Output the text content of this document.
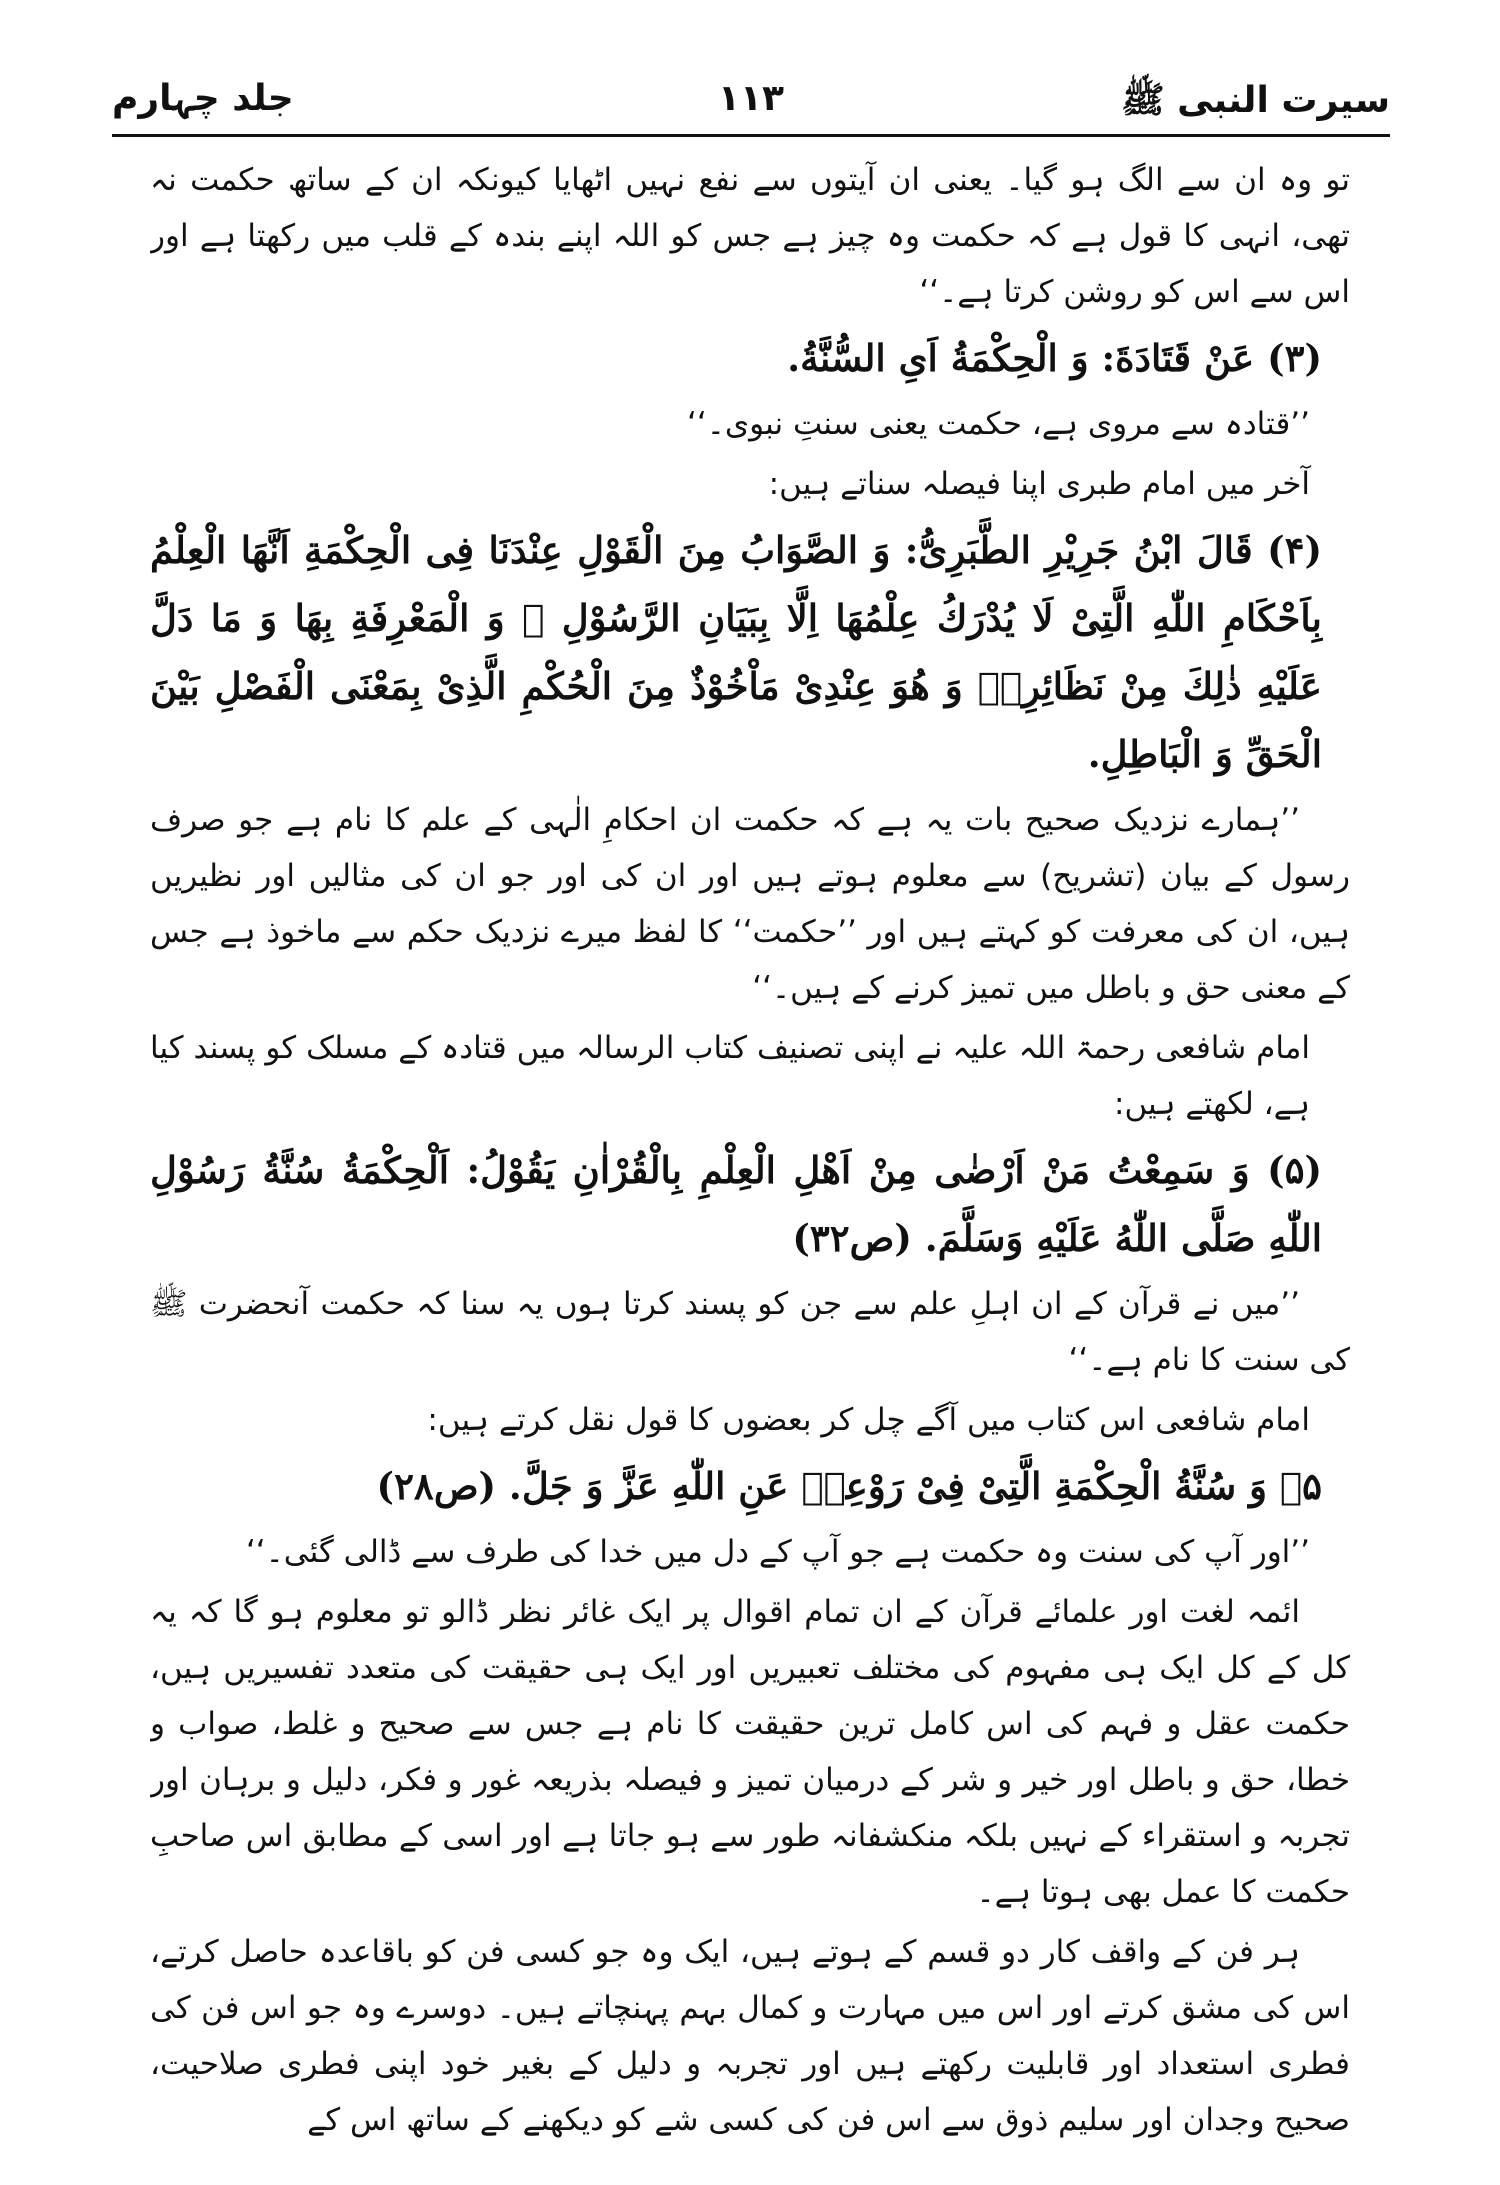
سیرت النبی ﷺ
۱۱۳
جلد چہارم

تو وہ ان سے الگ ہو گیا۔ یعنی ان آیتوں سے نفع نہیں اٹھایا کیونکہ ان کے ساتھ حکمت نہ تھی، انہی کا قول ہے کہ حکمت وہ چیز ہے جس کو اللہ اپنے بندہ کے قلب میں رکھتا ہے اور اس سے اس کو روشن کرتا ہے۔‘‘

(۳) عَنْ قَتَادَةَ: وَ الْحِكْمَةُ اَیِ السُّنَّةُ.

’’قتادہ سے مروی ہے، حکمت یعنی سنتِ نبوی۔‘‘

آخر میں امام طبری اپنا فیصلہ سناتے ہیں:

(۴) قَالَ ابْنُ جَرِیْرِ الطَّبَرِیُّ: وَ الصَّوَابُ مِنَ الْقَوْلِ عِنْدَنَا فِی الْحِكْمَةِ اَنَّهَا الْعِلْمُ بِاَحْكَامِ اللّٰهِ الَّتِیْ لَا یُدْرَكُ عِلْمُهَا اِلَّا بِبَیَانِ الرَّسُوْلِ ﷺ وَ الْمَعْرِفَةِ بِهَا وَ مَا دَلَّ عَلَیْهِ ذٰلِكَ مِنْ نَظَائِرِهٖ وَ هُوَ عِنْدِیْ مَاْخُوْذٌ مِنَ الْحُكْمِ الَّذِیْ بِمَعْنَی الْفَصْلِ بَیْنَ الْحَقِّ وَ الْبَاطِلِ.

’’ہمارے نزدیک صحیح بات یہ ہے کہ حکمت ان احکامِ الٰہی کے علم کا نام ہے جو صرف رسول کے بیان (تشریح) سے معلوم ہوتے ہیں اور ان کی اور جو ان کی مثالیں اور نظیریں ہیں، ان کی معرفت کو کہتے ہیں اور ’’حکمت‘‘ کا لفظ میرے نزدیک حکم سے ماخوذ ہے جس کے معنی حق و باطل میں تمیز کرنے کے ہیں۔‘‘

امام شافعی رحمۃ اللہ علیہ نے اپنی تصنیف کتاب الرسالہ میں قتادہ کے مسلک کو پسند کیا ہے، لکھتے ہیں:

(۵) وَ سَمِعْتُ مَنْ اَرْضٰی مِنْ اَهْلِ الْعِلْمِ بِالْقُرْاٰنِ یَقُوْلُ: اَلْحِكْمَةُ سُنَّةُ رَسُوْلِ اللّٰهِ صَلَّی اللّٰهُ عَلَیْهِ وَسَلَّمَ. (ص۳۲)

’’میں نے قرآن کے ان اہلِ علم سے جن کو پسند کرتا ہوں یہ سنا کہ حکمت آنحضرت ﷺ کی سنت کا نام ہے۔‘‘

امام شافعی اس کتاب میں آگے چل کر بعضوں کا قول نقل کرتے ہیں:

۵۔ وَ سُنَّةُ الْحِكْمَةِ الَّتِیْ فِیْ رَوْعِهٖ عَنِ اللّٰهِ عَزَّ وَ جَلَّ. (ص۲۸)

’’اور آپ کی سنت وہ حکمت ہے جو آپ کے دل میں خدا کی طرف سے ڈالی گئی۔‘‘

ائمہ لغت اور علمائے قرآن کے ان تمام اقوال پر ایک غائر نظر ڈالو تو معلوم ہو گا کہ یہ کل کے کل ایک ہی مفہوم کی مختلف تعبیریں اور ایک ہی حقیقت کی متعدد تفسیریں ہیں، حکمت عقل و فہم کی اس کامل ترین حقیقت کا نام ہے جس سے صحیح و غلط، صواب و خطا، حق و باطل اور خیر و شر کے درمیان تمیز و فیصلہ بذریعہ غور و فکر، دلیل و برہان اور تجربہ و استقراء کے نہیں بلکہ منکشفانہ طور سے ہو جاتا ہے اور اسی کے مطابق اس صاحبِ حکمت کا عمل بھی ہوتا ہے۔

ہر فن کے واقف کار دو قسم کے ہوتے ہیں، ایک وہ جو کسی فن کو باقاعدہ حاصل کرتے، اس کی مشق کرتے اور اس میں مہارت و کمال بہم پہنچاتے ہیں۔ دوسرے وہ جو اس فن کی فطری استعداد اور قابلیت رکھتے ہیں اور تجربہ و دلیل کے بغیر خود اپنی فطری صلاحیت، صحیح وجدان اور سلیم ذوق سے اس فن کی کسی شے کو دیکھنے کے ساتھ اس کے
